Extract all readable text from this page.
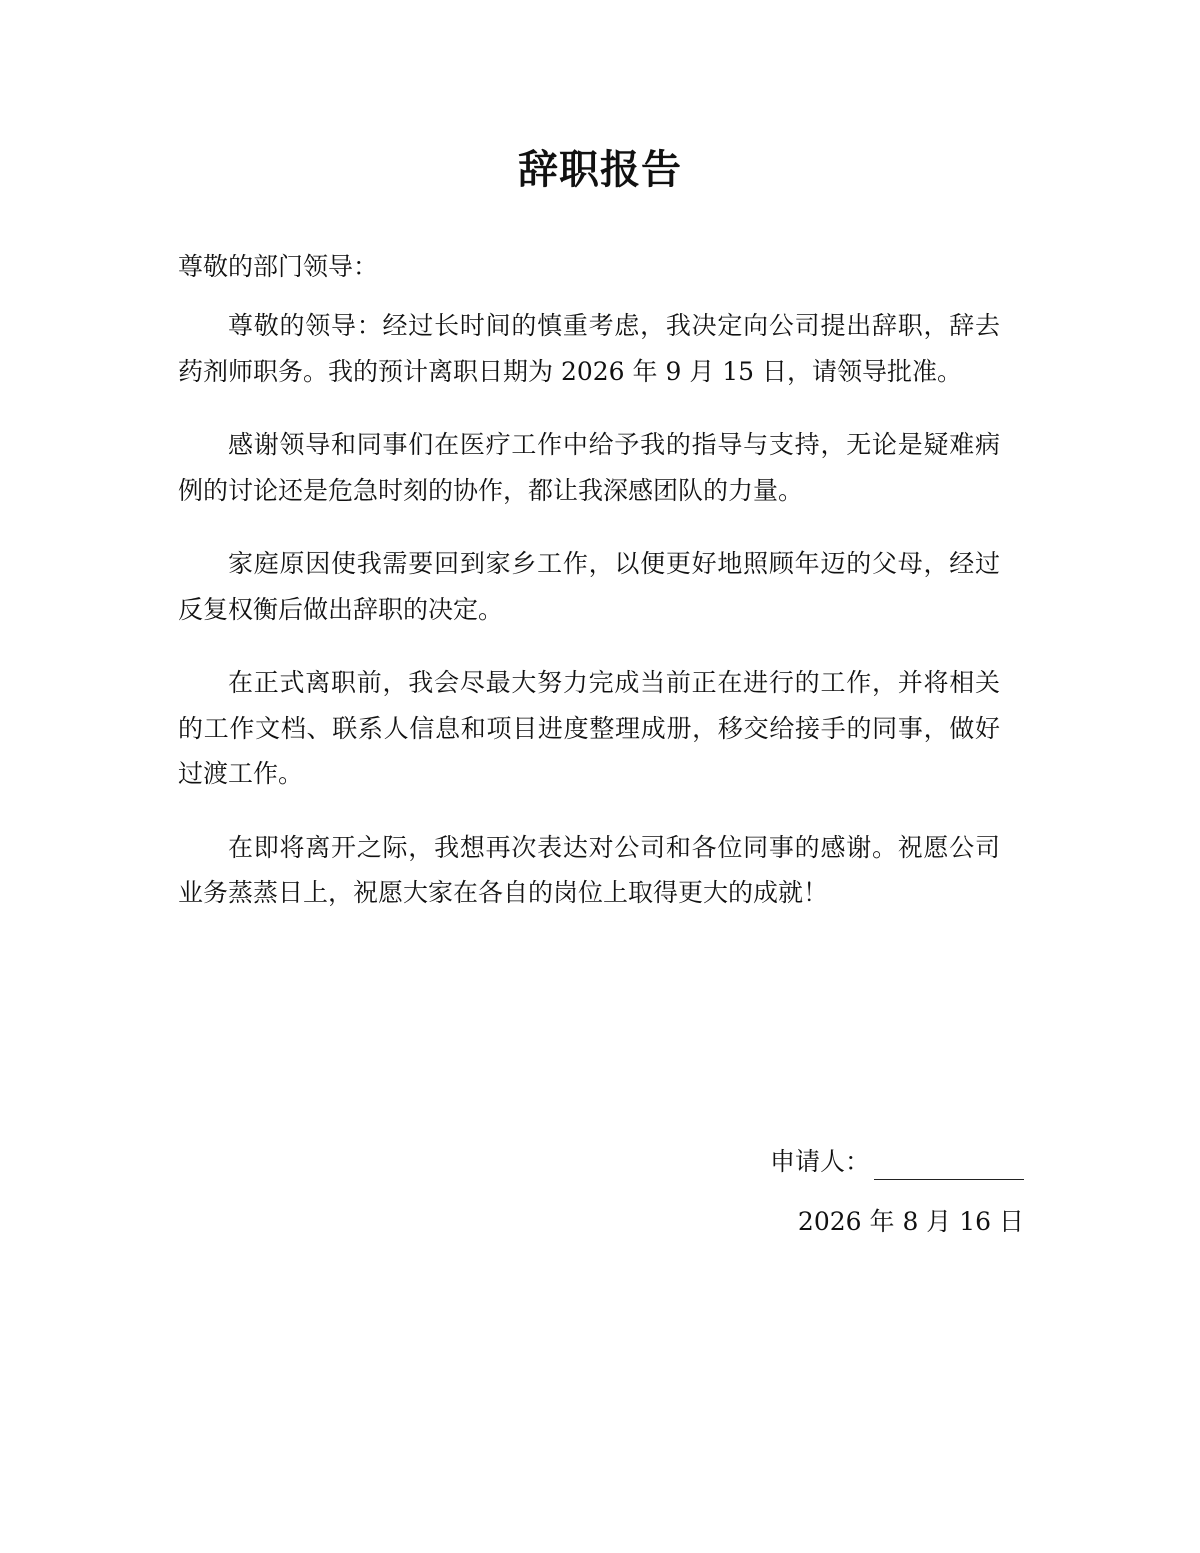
辞职报告
尊敬的部门领导：

尊敬的领导：经过长时间的慎重考虑，我决定向公司提出辞职，辞去药剂师职务。我的预计离职日期为 2026 年 9 月 15 日，请领导批准。

感谢领导和同事们在医疗工作中给予我的指导与支持，无论是疑难病例的讨论还是危急时刻的协作，都让我深感团队的力量。

家庭原因使我需要回到家乡工作，以便更好地照顾年迈的父母，经过反复权衡后做出辞职的决定。

在正式离职前，我会尽最大努力完成当前正在进行的工作，并将相关的工作文档、联系人信息和项目进度整理成册，移交给接手的同事，做好过渡工作。

在即将离开之际，我想再次表达对公司和各位同事的感谢。祝愿公司业务蒸蒸日上，祝愿大家在各自的岗位上取得更大的成就！

申请人：
2026 年 8 月 16 日
